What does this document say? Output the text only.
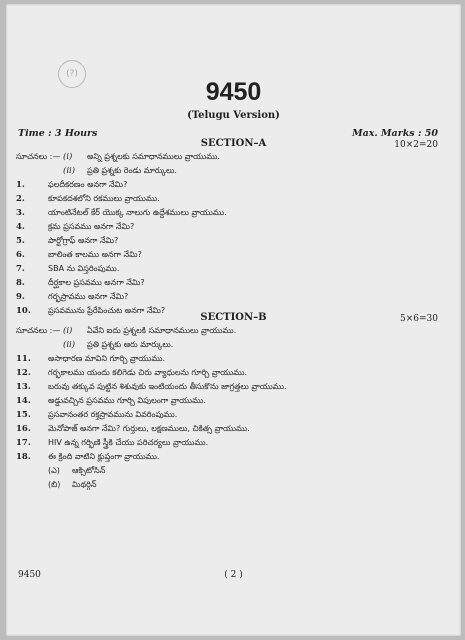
(?)
9450
(Telugu Version)
Time : 3 Hours	Max. Marks : 50
SECTION–A	10×2=20
సూచనలు :— (i) అన్ని ప్రశ్నలకు సమాధానములు వ్రాయుము.
(ii) ప్రతి ప్రశ్నకు రెండు మార్కులు.
1.	ఫలదీకరణం అనగా నేమి?
2.	కూపకదశలోని రకములు వ్రాయుము.
3.	యాంటినేటల్ కేర్ యొక్క నాలుగు ఉద్దేశములు వ్రాయుము.
4.	క్రమ ప్రసవము అనగా నేమి?
5.	పార్టోగ్రాఫ్ అనగా నేమి?
6.	బాలింత కాలము అనగా నేమి?
7.	SBA ను విస్తరింపుము.
8.	దీర్ఘకాల ప్రసవము అనగా నేమి?
9.	గర్భస్రావము అనగా నేమి?
10. ప్రసవమును ప్రేరేపించుట అనగా నేమి?
SECTION–B	5×6=30
సూచనలు :— (i) ఏవేని ఐదు ప్రశ్నలకి సమాధానములు వ్రాయుము.
(ii) ప్రతి ప్రశ్నకు ఆరు మార్కులు.
11. అసాధారణ మావిని గూర్చి వ్రాయుము.
12. గర్భకాలము యందు కలిగెడు చిరు వ్యాధులను గూర్చి వ్రాయుము.
13. బరువు తక్కువ పుట్టిన శిశువుకు ఇంటియందు తీసుకొను జాగ్రత్తలు వ్రాయుము.
14. అడ్డువచ్చిన ప్రసవము గూర్చి విపులంగా వ్రాయుము.
15. ప్రసవానంతర రక్తస్రావమును వివరింపుము.
16. మెనోపాజ్ అనగా నేమి? గుర్తులు, లక్షణములు, చికిత్స వ్రాయుము.
17. HIV ఉన్న గర్భిణి స్త్రీకి చేయు పరిచర్యలు వ్రాయుము.
18. ఈ క్రింది వాటిని క్లుప్తంగా వ్రాయుము.
(ఎ) ఆక్సిటోసిన్
(బి) మిథర్గిన్
9450	( 2 )
